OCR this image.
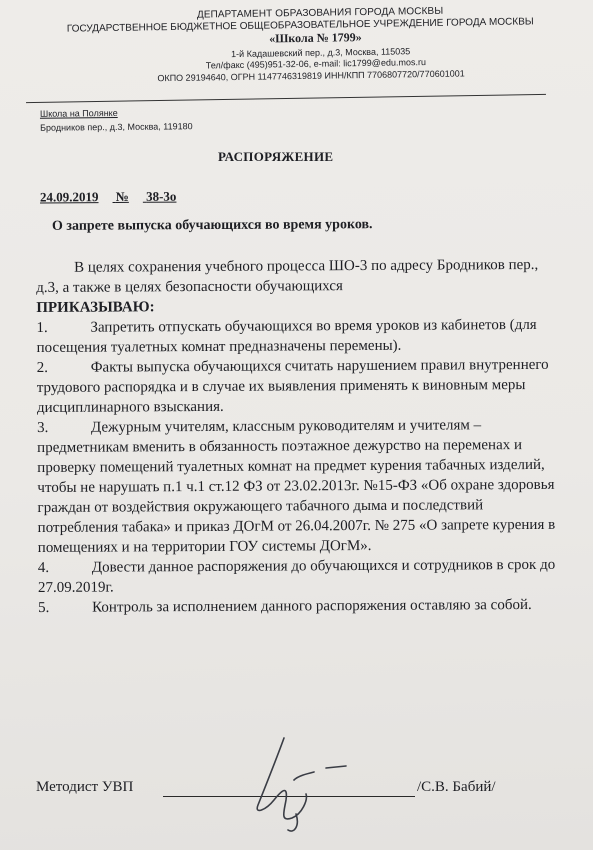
ДЕПАРТАМЕНТ ОБРАЗОВАНИЯ ГОРОДА МОСКВЫ
ГОСУДАРСТВЕННОЕ БЮДЖЕТНОЕ ОБЩЕОБРАЗОВАТЕЛЬНОЕ УЧРЕЖДЕНИЕ ГОРОДА МОСКВЫ
«Школа № 1799»
1-й Кадашевский пер., д.3, Москва, 115035
Тел/факс (495)951-32-06, e-mail: lic1799@edu.mos.ru
ОКПО 29194640, ОГРН 1147746319819 ИНН/КПП 7706807720/770601001
Школа на Полянке
Бродников пер., д.3, Москва, 119180
РАСПОРЯЖЕНИЕ
24.09.2019 № 38-3о
О запрете выпуска обучающихся во время уроков.

В целях сохранения учебного процесса ШО-3 по адресу Бродников пер., д.3, а также в целях безопасности обучающихся

ПРИКАЗЫВАЮ:

1.	Запретить отпускать обучающихся во время уроков из кабинетов (для посещения туалетных комнат предназначены перемены).

2.	Факты выпуска обучающихся считать нарушением правил внутреннего трудового распорядка и в случае их выявления применять к виновным меры дисциплинарного взыскания.

3.	Дежурным учителям, классным руководителям и учителям – предметникам вменить в обязанность поэтажное дежурство на переменах и проверку помещений туалетных комнат на предмет курения табачных изделий, чтобы не нарушать п.1 ч.1 ст.12 ФЗ от 23.02.2013г. №15-ФЗ «Об охране здоровья граждан от воздействия окружающего табачного дыма и последствий потребления табака» и приказ ДОгМ от 26.04.2007г. № 275 «О запрете курения в помещениях и на территории ГОУ системы ДОгМ».

4.	Довести данное распоряжения до обучающихся и сотрудников в срок до 27.09.2019г.

5.	Контроль за исполнением данного распоряжения оставляю за собой.

Методист УВП	/С.В. Бабий/
